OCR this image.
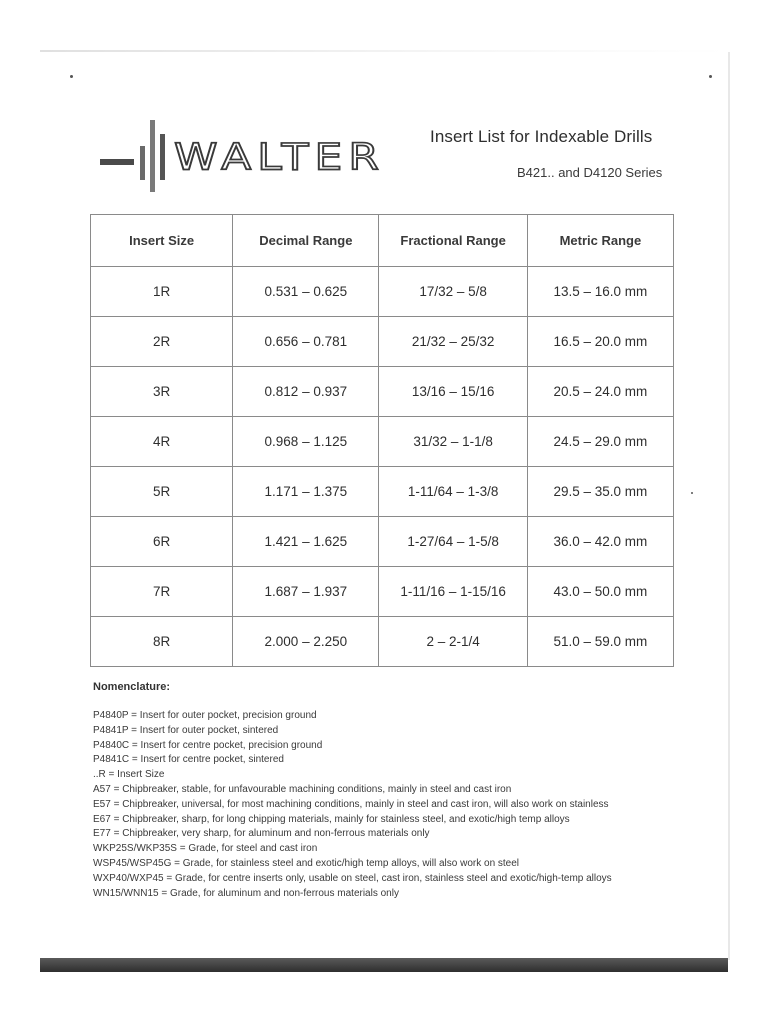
WALTER
Insert List for Indexable Drills
B421.. and D4120 Series
Insert Size	Decimal Range	Fractional Range	Metric Range
1R	0.531 – 0.625	17/32 – 5/8	13.5 – 16.0 mm
2R	0.656 – 0.781	21/32 – 25/32	16.5 – 20.0 mm
3R	0.812 – 0.937	13/16 – 15/16	20.5 – 24.0 mm
4R	0.968 – 1.125	31/32 – 1-1/8	24.5 – 29.0 mm
5R	1.171 – 1.375	1-11/64 – 1-3/8	29.5 – 35.0 mm
6R	1.421 – 1.625	1-27/64 – 1-5/8	36.0 – 42.0 mm
7R	1.687 – 1.937	1-11/16 – 1-15/16	43.0 – 50.0 mm
8R	2.000 – 2.250	2 – 2-1/4	51.0 – 59.0 mm
Nomenclature:
P4840P = Insert for outer pocket, precision ground
P4841P = Insert for outer pocket, sintered
P4840C = Insert for centre pocket, precision ground
P4841C = Insert for centre pocket, sintered
..R = Insert Size
A57 = Chipbreaker, stable, for unfavourable machining conditions, mainly in steel and cast iron
E57 = Chipbreaker, universal, for most machining conditions, mainly in steel and cast iron, will also work on stainless
E67 = Chipbreaker, sharp, for long chipping materials, mainly for stainless steel, and exotic/high temp alloys
E77 = Chipbreaker, very sharp, for aluminum and non-ferrous materials only
WKP25S/WKP35S = Grade, for steel and cast iron
WSP45/WSP45G = Grade, for stainless steel and exotic/high temp alloys, will also work on steel
WXP40/WXP45 = Grade, for centre inserts only, usable on steel, cast iron, stainless steel and exotic/high-temp alloys
WN15/WNN15 = Grade, for aluminum and non-ferrous materials only
